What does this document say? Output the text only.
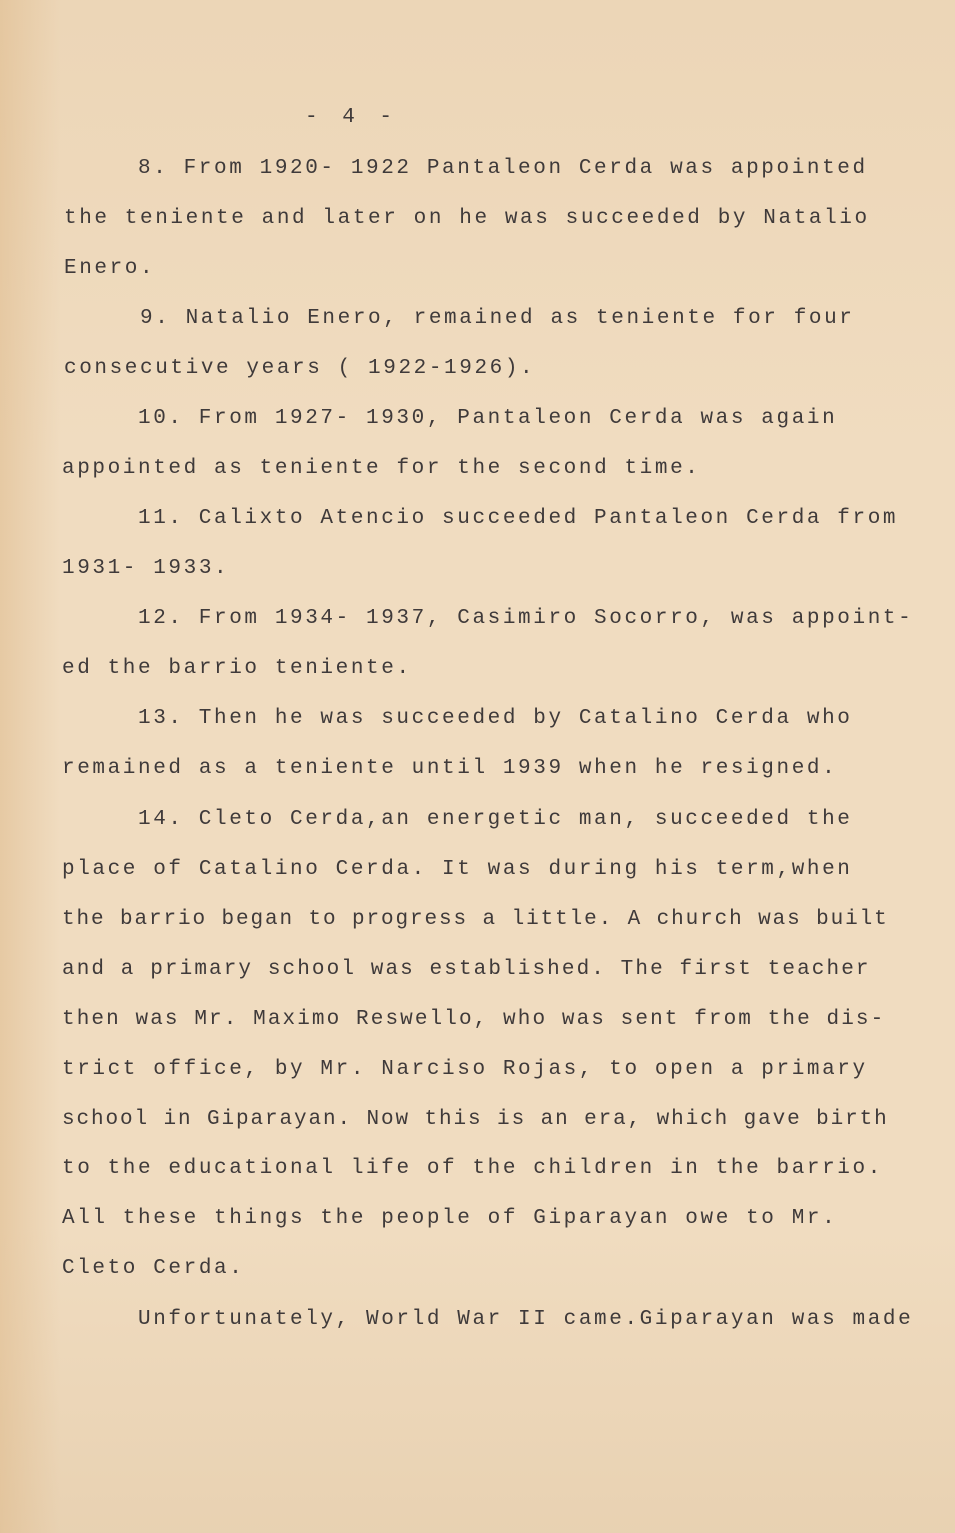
- 4 -
8. From 1920- 1922 Pantaleon Cerda was appointed
the teniente and later on he was succeeded by Natalio
Enero.
9. Natalio Enero, remained as teniente for four
consecutive years ( 1922-1926).
10. From 1927- 1930, Pantaleon Cerda was again
appointed as teniente for the second time.
11. Calixto Atencio succeeded Pantaleon Cerda from
1931- 1933.
12. From 1934- 1937, Casimiro Socorro, was appoint-
ed the barrio teniente.
13. Then he was succeeded by Catalino Cerda who
remained as a teniente until 1939 when he resigned.
14. Cleto Cerda,an energetic man, succeeded the
place of Catalino Cerda. It was during his term,when
the barrio began to progress a little. A church was built
and a primary school was established. The first teacher
then was Mr. Maximo Reswello, who was sent from the dis-
trict office, by Mr. Narciso Rojas, to open a primary
school in Giparayan. Now this is an era, which gave birth
to the educational life of the children in the barrio.
All these things the people of Giparayan owe to Mr.
Cleto Cerda.
Unfortunately, World War II came.Giparayan was made
